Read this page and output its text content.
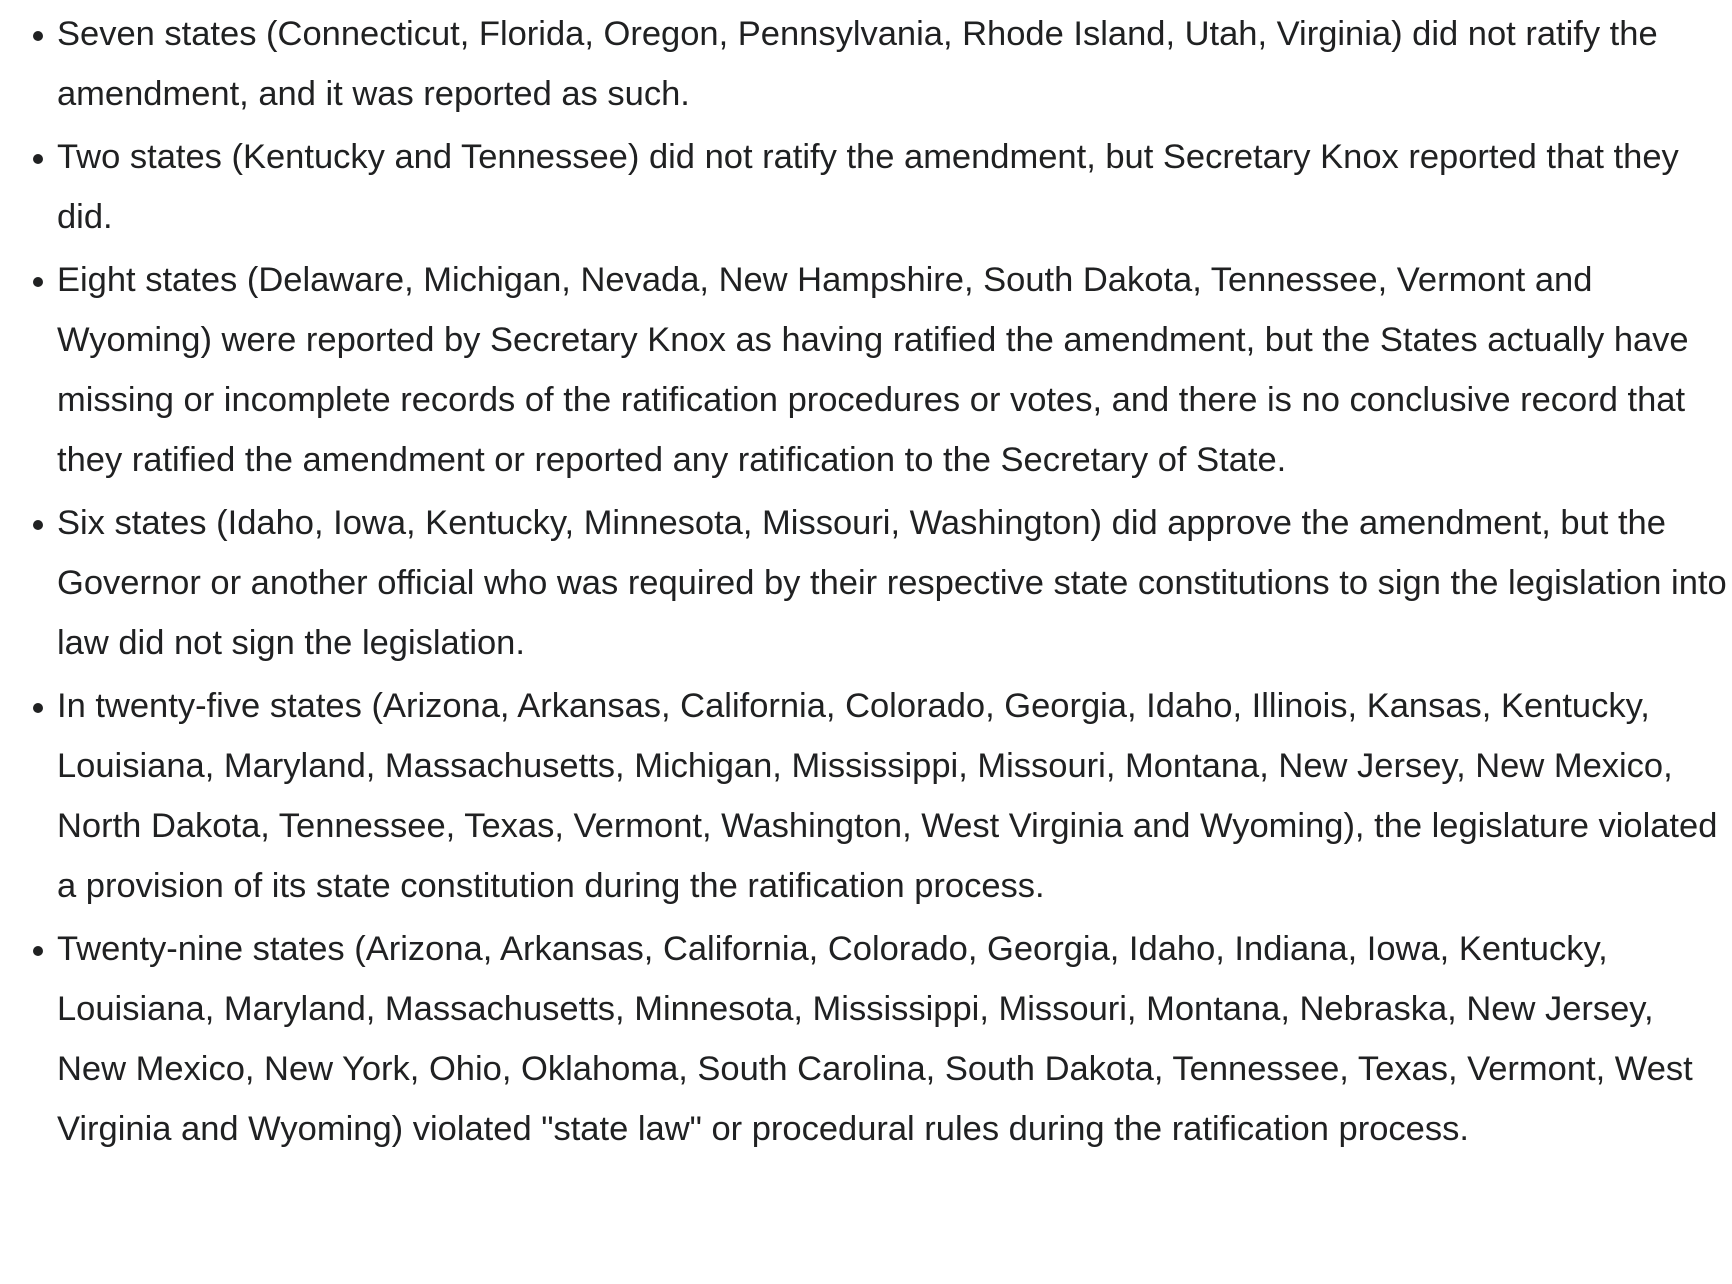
Seven states (Connecticut, Florida, Oregon, Pennsylvania, Rhode Island, Utah, Virginia) did not ratify the amendment, and it was reported as such.
Two states (Kentucky and Tennessee) did not ratify the amendment, but Secretary Knox reported that they did.
Eight states (Delaware, Michigan, Nevada, New Hampshire, South Dakota, Tennessee, Vermont and Wyoming) were reported by Secretary Knox as having ratified the amendment, but the States actually have missing or incomplete records of the ratification procedures or votes, and there is no conclusive record that they ratified the amendment or reported any ratification to the Secretary of State.
Six states (Idaho, Iowa, Kentucky, Minnesota, Missouri, Washington) did approve the amendment, but the Governor or another official who was required by their respective state constitutions to sign the legislation into law did not sign the legislation.
In twenty-five states (Arizona, Arkansas, California, Colorado, Georgia, Idaho, Illinois, Kansas, Kentucky, Louisiana, Maryland, Massachusetts, Michigan, Mississippi, Missouri, Montana, New Jersey, New Mexico, North Dakota, Tennessee, Texas, Vermont, Washington, West Virginia and Wyoming), the legislature violated a provision of its state constitution during the ratification process.
Twenty-nine states (Arizona, Arkansas, California, Colorado, Georgia, Idaho, Indiana, Iowa, Kentucky, Louisiana, Maryland, Massachusetts, Minnesota, Mississippi, Missouri, Montana, Nebraska, New Jersey, New Mexico, New York, Ohio, Oklahoma, South Carolina, South Dakota, Tennessee, Texas, Vermont, West Virginia and Wyoming) violated "state law" or procedural rules during the ratification process.
